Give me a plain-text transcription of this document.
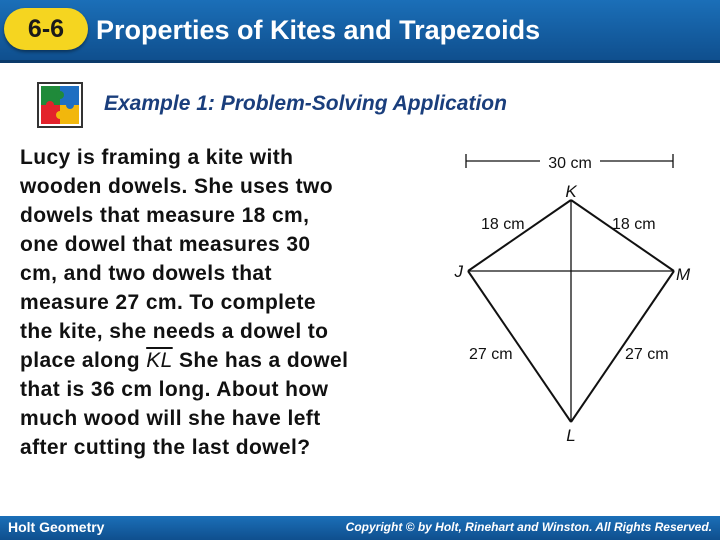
6-6	Properties of Kites and Trapezoids
Example 1: Problem-Solving Application

Lucy is framing a kite with

wooden dowels. She uses two

dowels that measure 18 cm,

one dowel that measures 30

cm, and two dowels that

measure 27 cm. To complete

the kite, she needs a dowel to

place along $\overline{KL}$ She has a dowel

that is 36 cm long. About how

much wood will she have left

after cutting the last dowel?

30 cm
K
J	M
L
18 cm	18 cm
27 cm	27 cm
Holt Geometry	Copyright © by Holt, Rinehart and Winston. All Rights Reserved.
